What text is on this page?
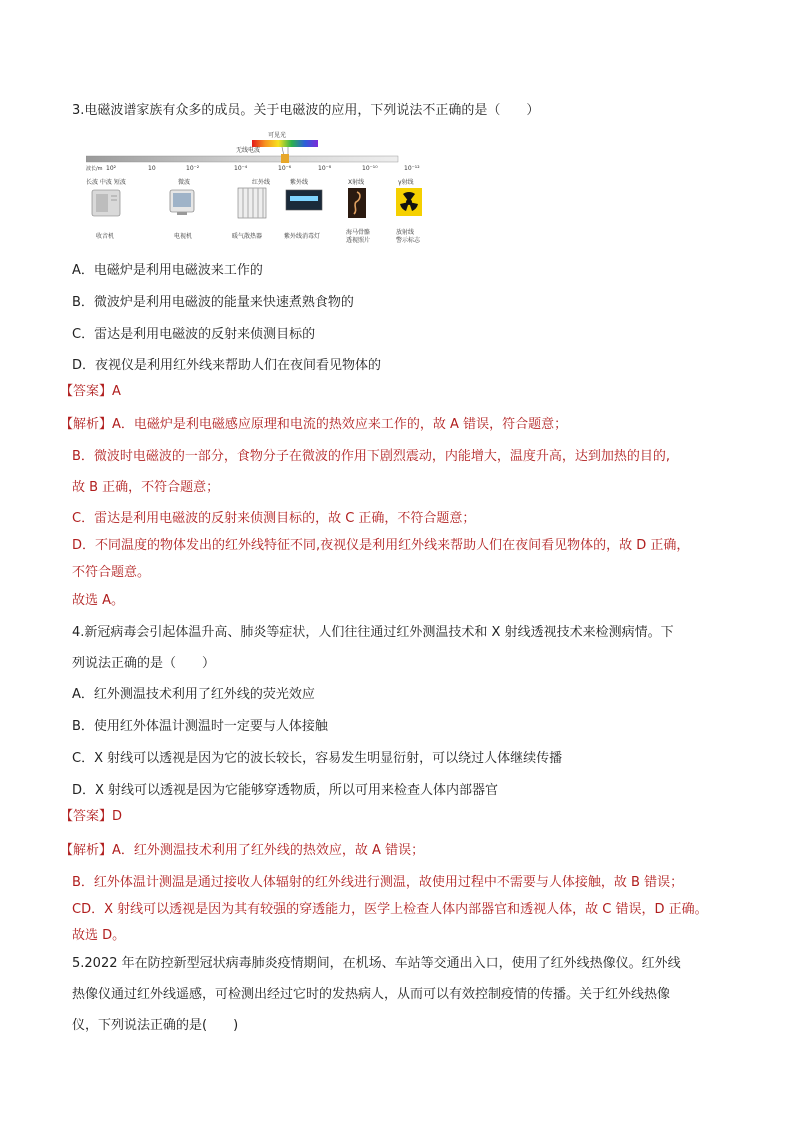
3.电磁波谱家族有众多的成员。关于电磁波的应用，下列说法不正确的是（　　）
可见光
无线电波
波长/m 10²	10	10⁻²	10⁻⁴	10⁻⁶	10⁻⁸	10⁻¹⁰	10⁻¹²
长波 中波 短波	微波	红外线	紫外线	X射线	γ射线
收音机	电视机	暖气散热器	紫外线消毒灯
海马骨骼
透视照片
放射线
警示标志
A．电磁炉是利用电磁波来工作的
B．微波炉是利用电磁波的能量来快速煮熟食物的
C．雷达是利用电磁波的反射来侦测目标的
D．夜视仪是利用红外线来帮助人们在夜间看见物体的
【答案】A
【解析】A．电磁炉是利电磁感应原理和电流的热效应来工作的，故 A 错误，符合题意；
B．微波时电磁波的一部分，食物分子在微波的作用下剧烈震动，内能增大，温度升高，达到加热的目的,
故 B 正确，不符合题意；
C．雷达是利用电磁波的反射来侦测目标的，故 C 正确，不符合题意；
D．不同温度的物体发出的红外线特征不同,夜视仪是利用红外线来帮助人们在夜间看见物体的，故 D 正确，
不符合题意。
故选 A。
4.新冠病毒会引起体温升高、肺炎等症状，人们往往通过红外测温技术和 X 射线透视技术来检测病情。下
列说法正确的是（　　）
A．红外测温技术利用了红外线的荧光效应
B．使用红外体温计测温时一定要与人体接触
C．X 射线可以透视是因为它的波长较长，容易发生明显衍射，可以绕过人体继续传播
D．X 射线可以透视是因为它能够穿透物质，所以可用来检查人体内部器官
【答案】D
【解析】A．红外测温技术利用了红外线的热效应，故 A 错误；
B．红外体温计测温是通过接收人体辐射的红外线进行测温，故使用过程中不需要与人体接触，故 B 错误；
CD．X 射线可以透视是因为其有较强的穿透能力，医学上检查人体内部器官和透视人体，故 C 错误，D 正确。
故选 D。
5.2022 年在防控新型冠状病毒肺炎疫情期间，在机场、车站等交通出入口，使用了红外线热像仪。红外线
热像仪通过红外线遥感，可检测出经过它时的发热病人，从而可以有效控制疫情的传播。关于红外线热像
仪，下列说法正确的是(　　)
